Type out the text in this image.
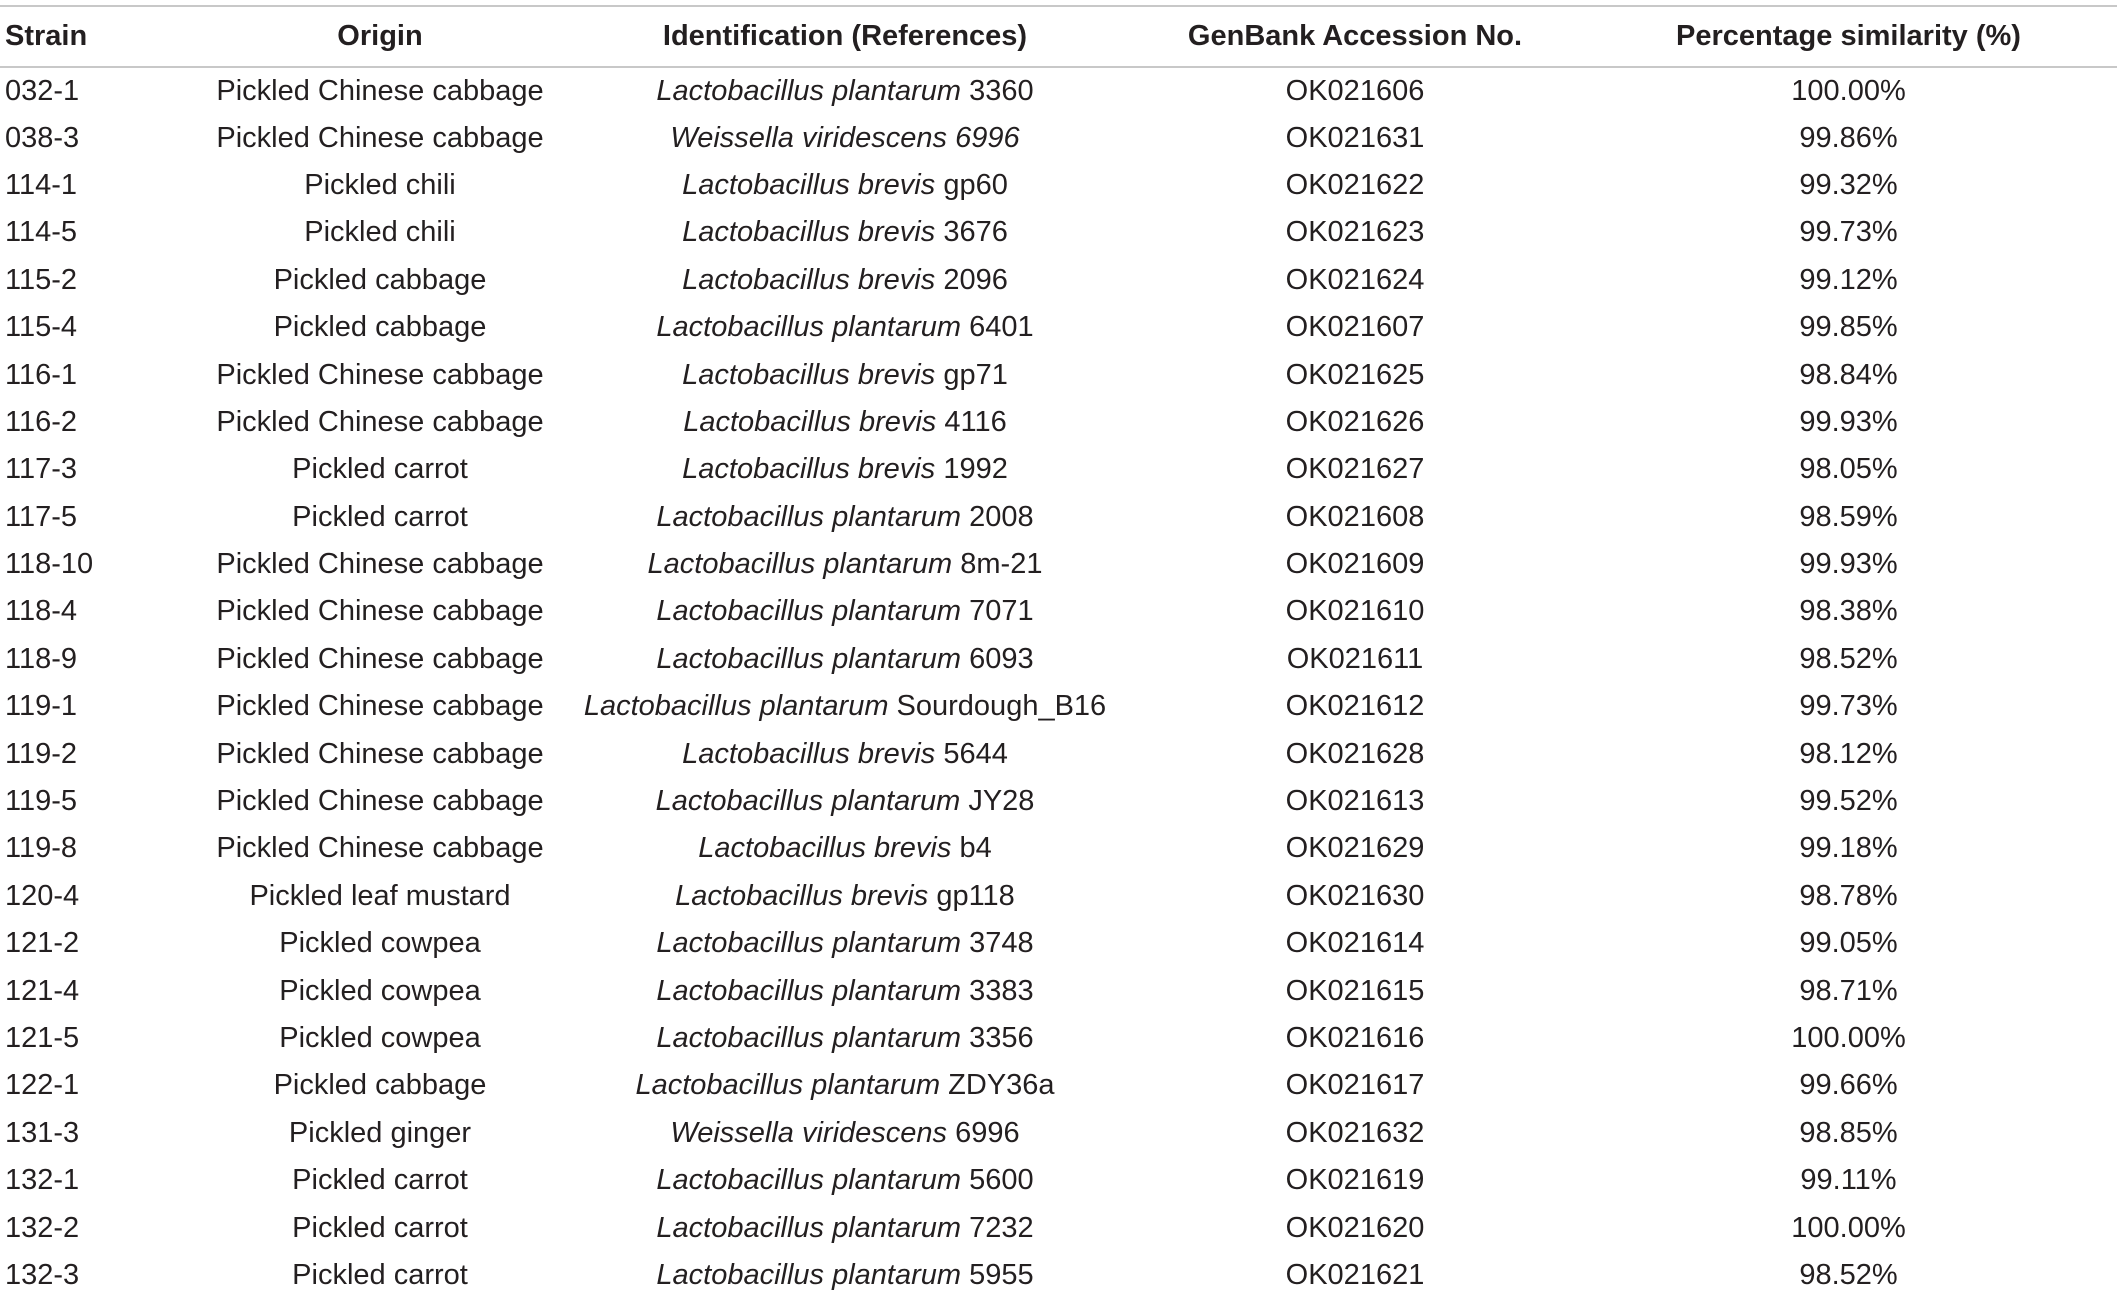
Strain	Origin	Identification (References)	GenBank Accession No.	Percentage similarity (%)
032-1	Pickled Chinese cabbage	Lactobacillus plantarum 3360	OK021606	100.00%
038-3	Pickled Chinese cabbage	Weissella viridescens 6996	OK021631	99.86%
114-1	Pickled chili	Lactobacillus brevis gp60	OK021622	99.32%
114-5	Pickled chili	Lactobacillus brevis 3676	OK021623	99.73%
115-2	Pickled cabbage	Lactobacillus brevis 2096	OK021624	99.12%
115-4	Pickled cabbage	Lactobacillus plantarum 6401	OK021607	99.85%
116-1	Pickled Chinese cabbage	Lactobacillus brevis gp71	OK021625	98.84%
116-2	Pickled Chinese cabbage	Lactobacillus brevis 4116	OK021626	99.93%
117-3	Pickled carrot	Lactobacillus brevis 1992	OK021627	98.05%
117-5	Pickled carrot	Lactobacillus plantarum 2008	OK021608	98.59%
118-10	Pickled Chinese cabbage	Lactobacillus plantarum 8m-21	OK021609	99.93%
118-4	Pickled Chinese cabbage	Lactobacillus plantarum 7071	OK021610	98.38%
118-9	Pickled Chinese cabbage	Lactobacillus plantarum 6093	OK021611	98.52%
119-1	Pickled Chinese cabbage	Lactobacillus plantarum Sourdough_B16	OK021612	99.73%
119-2	Pickled Chinese cabbage	Lactobacillus brevis 5644	OK021628	98.12%
119-5	Pickled Chinese cabbage	Lactobacillus plantarum JY28	OK021613	99.52%
119-8	Pickled Chinese cabbage	Lactobacillus brevis b4	OK021629	99.18%
120-4	Pickled leaf mustard	Lactobacillus brevis gp118	OK021630	98.78%
121-2	Pickled cowpea	Lactobacillus plantarum 3748	OK021614	99.05%
121-4	Pickled cowpea	Lactobacillus plantarum 3383	OK021615	98.71%
121-5	Pickled cowpea	Lactobacillus plantarum 3356	OK021616	100.00%
122-1	Pickled cabbage	Lactobacillus plantarum ZDY36a	OK021617	99.66%
131-3	Pickled ginger	Weissella viridescens 6996	OK021632	98.85%
132-1	Pickled carrot	Lactobacillus plantarum 5600	OK021619	99.11%
132-2	Pickled carrot	Lactobacillus plantarum 7232	OK021620	100.00%
132-3	Pickled carrot	Lactobacillus plantarum 5955	OK021621	98.52%
